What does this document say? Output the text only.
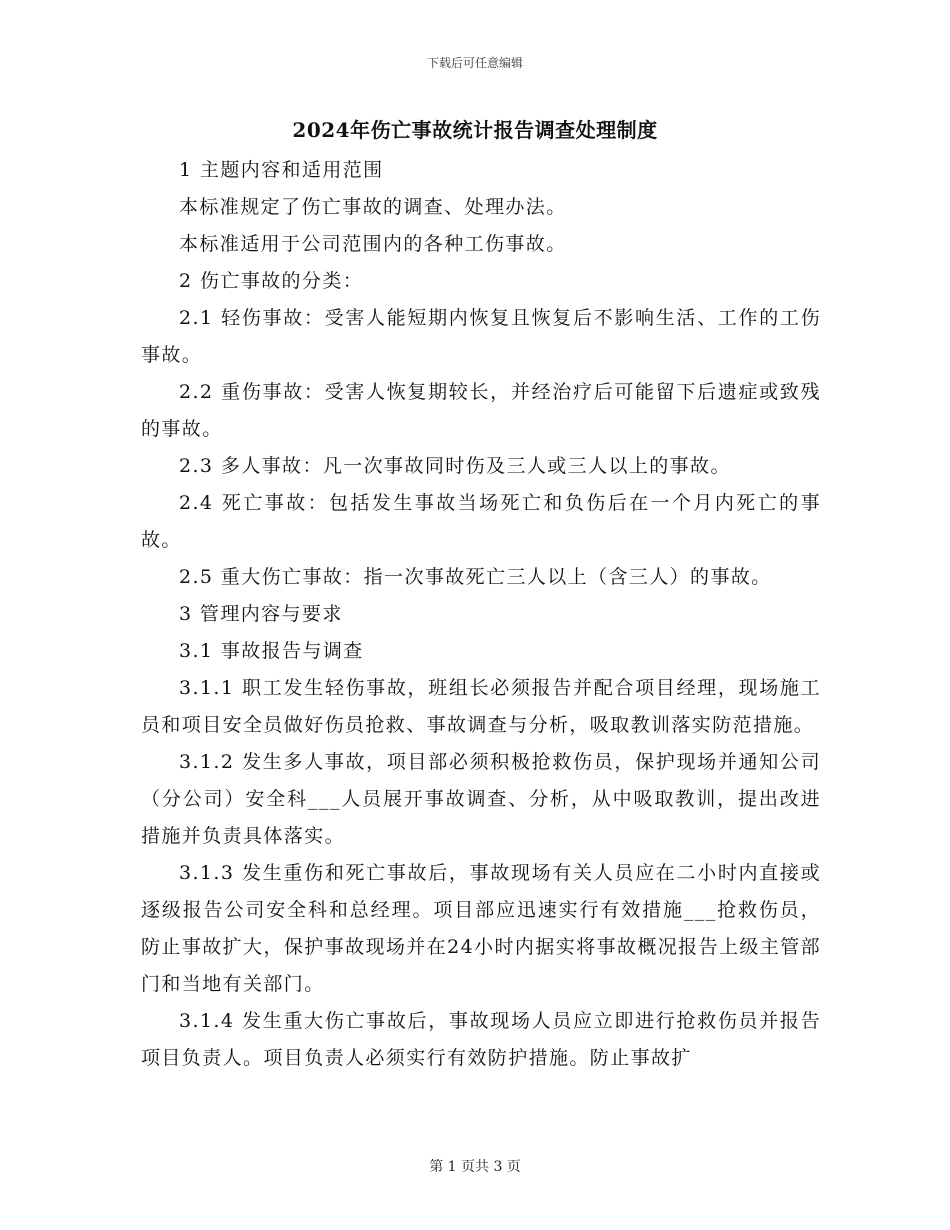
下载后可任意编辑
2024年伤亡事故统计报告调查处理制度

1 主题内容和适用范围

本标准规定了伤亡事故的调查、处理办法。

本标准适用于公司范围内的各种工伤事故。

2 伤亡事故的分类：

2.1 轻伤事故：受害人能短期内恢复且恢复后不影响生活、工作的工伤事故。

2.2 重伤事故：受害人恢复期较长，并经治疗后可能留下后遗症或致残的事故。

2.3 多人事故：凡一次事故同时伤及三人或三人以上的事故。

2.4 死亡事故：包括发生事故当场死亡和负伤后在一个月内死亡的事故。

2.5 重大伤亡事故：指一次事故死亡三人以上（含三人）的事故。

3 管理内容与要求

3.1 事故报告与调查

3.1.1 职工发生轻伤事故，班组长必须报告并配合项目经理，现场施工员和项目安全员做好伤员抢救、事故调查与分析，吸取教训落实防范措施。

3.1.2 发生多人事故，项目部必须积极抢救伤员，保护现场并通知公司（分公司）安全科___人员展开事故调查、分析，从中吸取教训，提出改进措施并负责具体落实。

3.1.3 发生重伤和死亡事故后，事故现场有关人员应在二小时内直接或逐级报告公司安全科和总经理。项目部应迅速实行有效措施___抢救伤员，防止事故扩大，保护事故现场并在24小时内据实将事故概况报告上级主管部门和当地有关部门。

3.1.4 发生重大伤亡事故后，事故现场人员应立即进行抢救伤员并报告项目负责人。项目负责人必须实行有效防护措施。防止事故扩

第 1 页共 3 页
